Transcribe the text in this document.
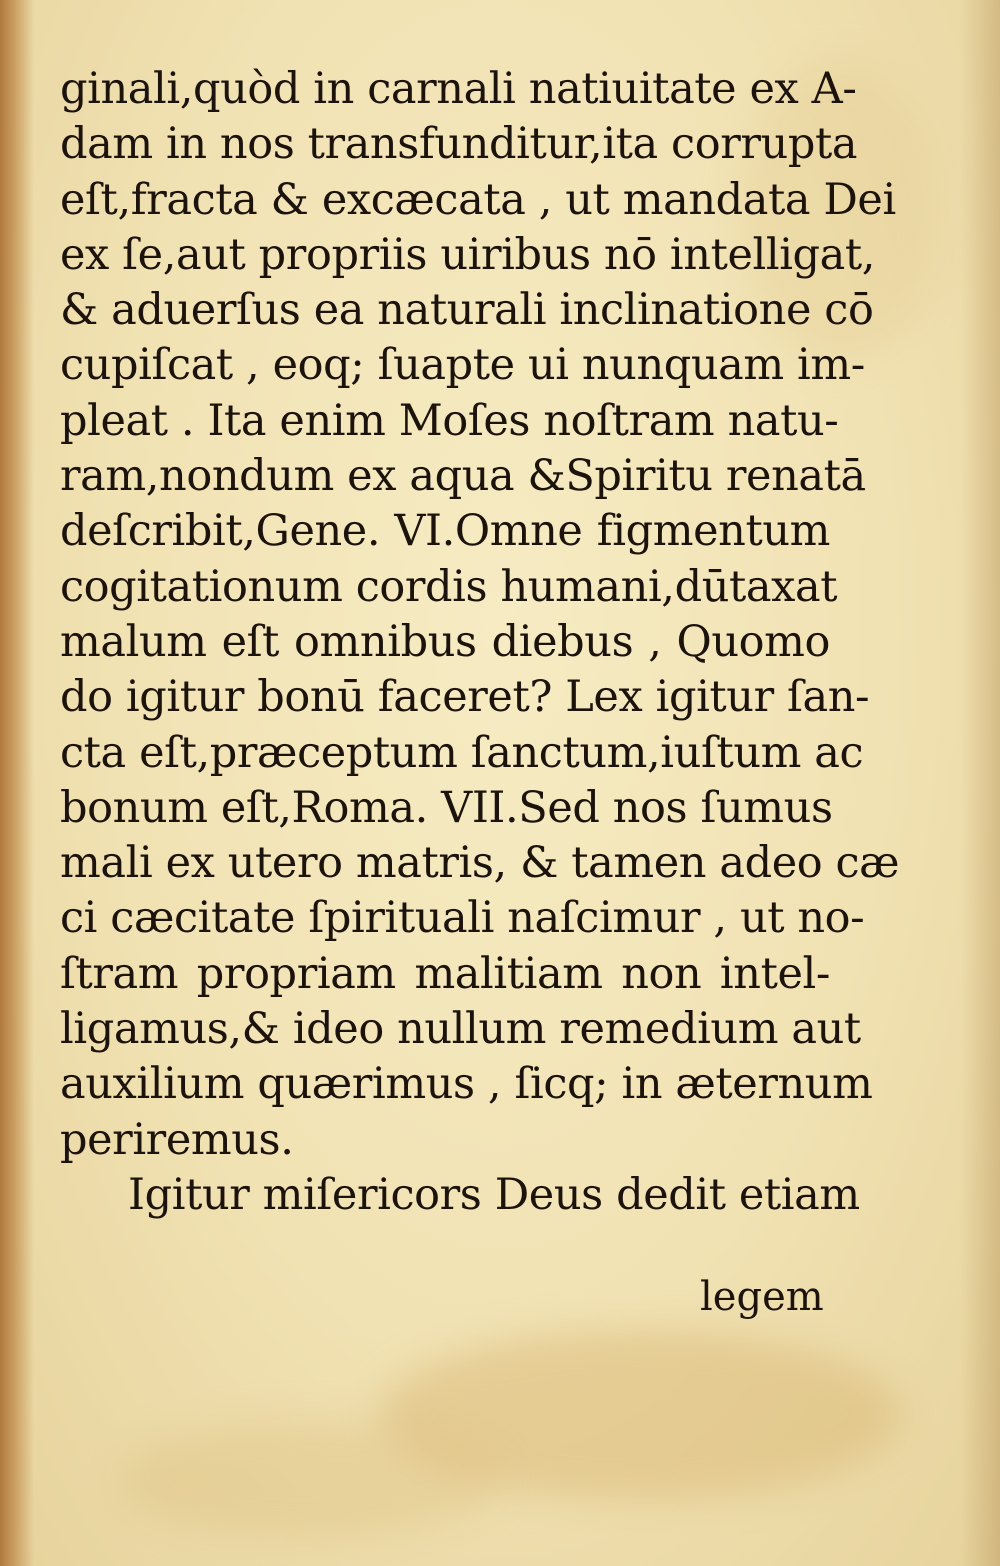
ginali,quòd in carnali natiuitate ex A-
dam in nos transfunditur,ita corrupta
eſt,fracta & excæcata , ut mandata Dei
ex ſe,aut propriis uiribus nō intelligat,
& aduerſus ea naturali inclinatione cō
cupiſcat , eoq; ſuapte ui nunquam im-
pleat . Ita enim Moſes noſtram natu-
ram,nondum ex aqua &Spiritu renatā
deſcribit,Gene. VI.Omne figmentum
cogitationum cordis humani,dūtaxat
malum eſt omnibus diebus , Quomo
do igitur bonū faceret? Lex igitur ſan-
cta eſt,præceptum ſanctum,iuſtum ac
bonum eſt,Roma. VII.Sed nos ſumus
mali ex utero matris, & tamen adeo cæ
ci cæcitate ſpirituali naſcimur , ut no-
ſtram propriam malitiam non intel-
ligamus,& ideo nullum remedium aut
auxilium quærimus , ſicq; in æternum
periremus.
Igitur miſericors Deus dedit etiam
legem
